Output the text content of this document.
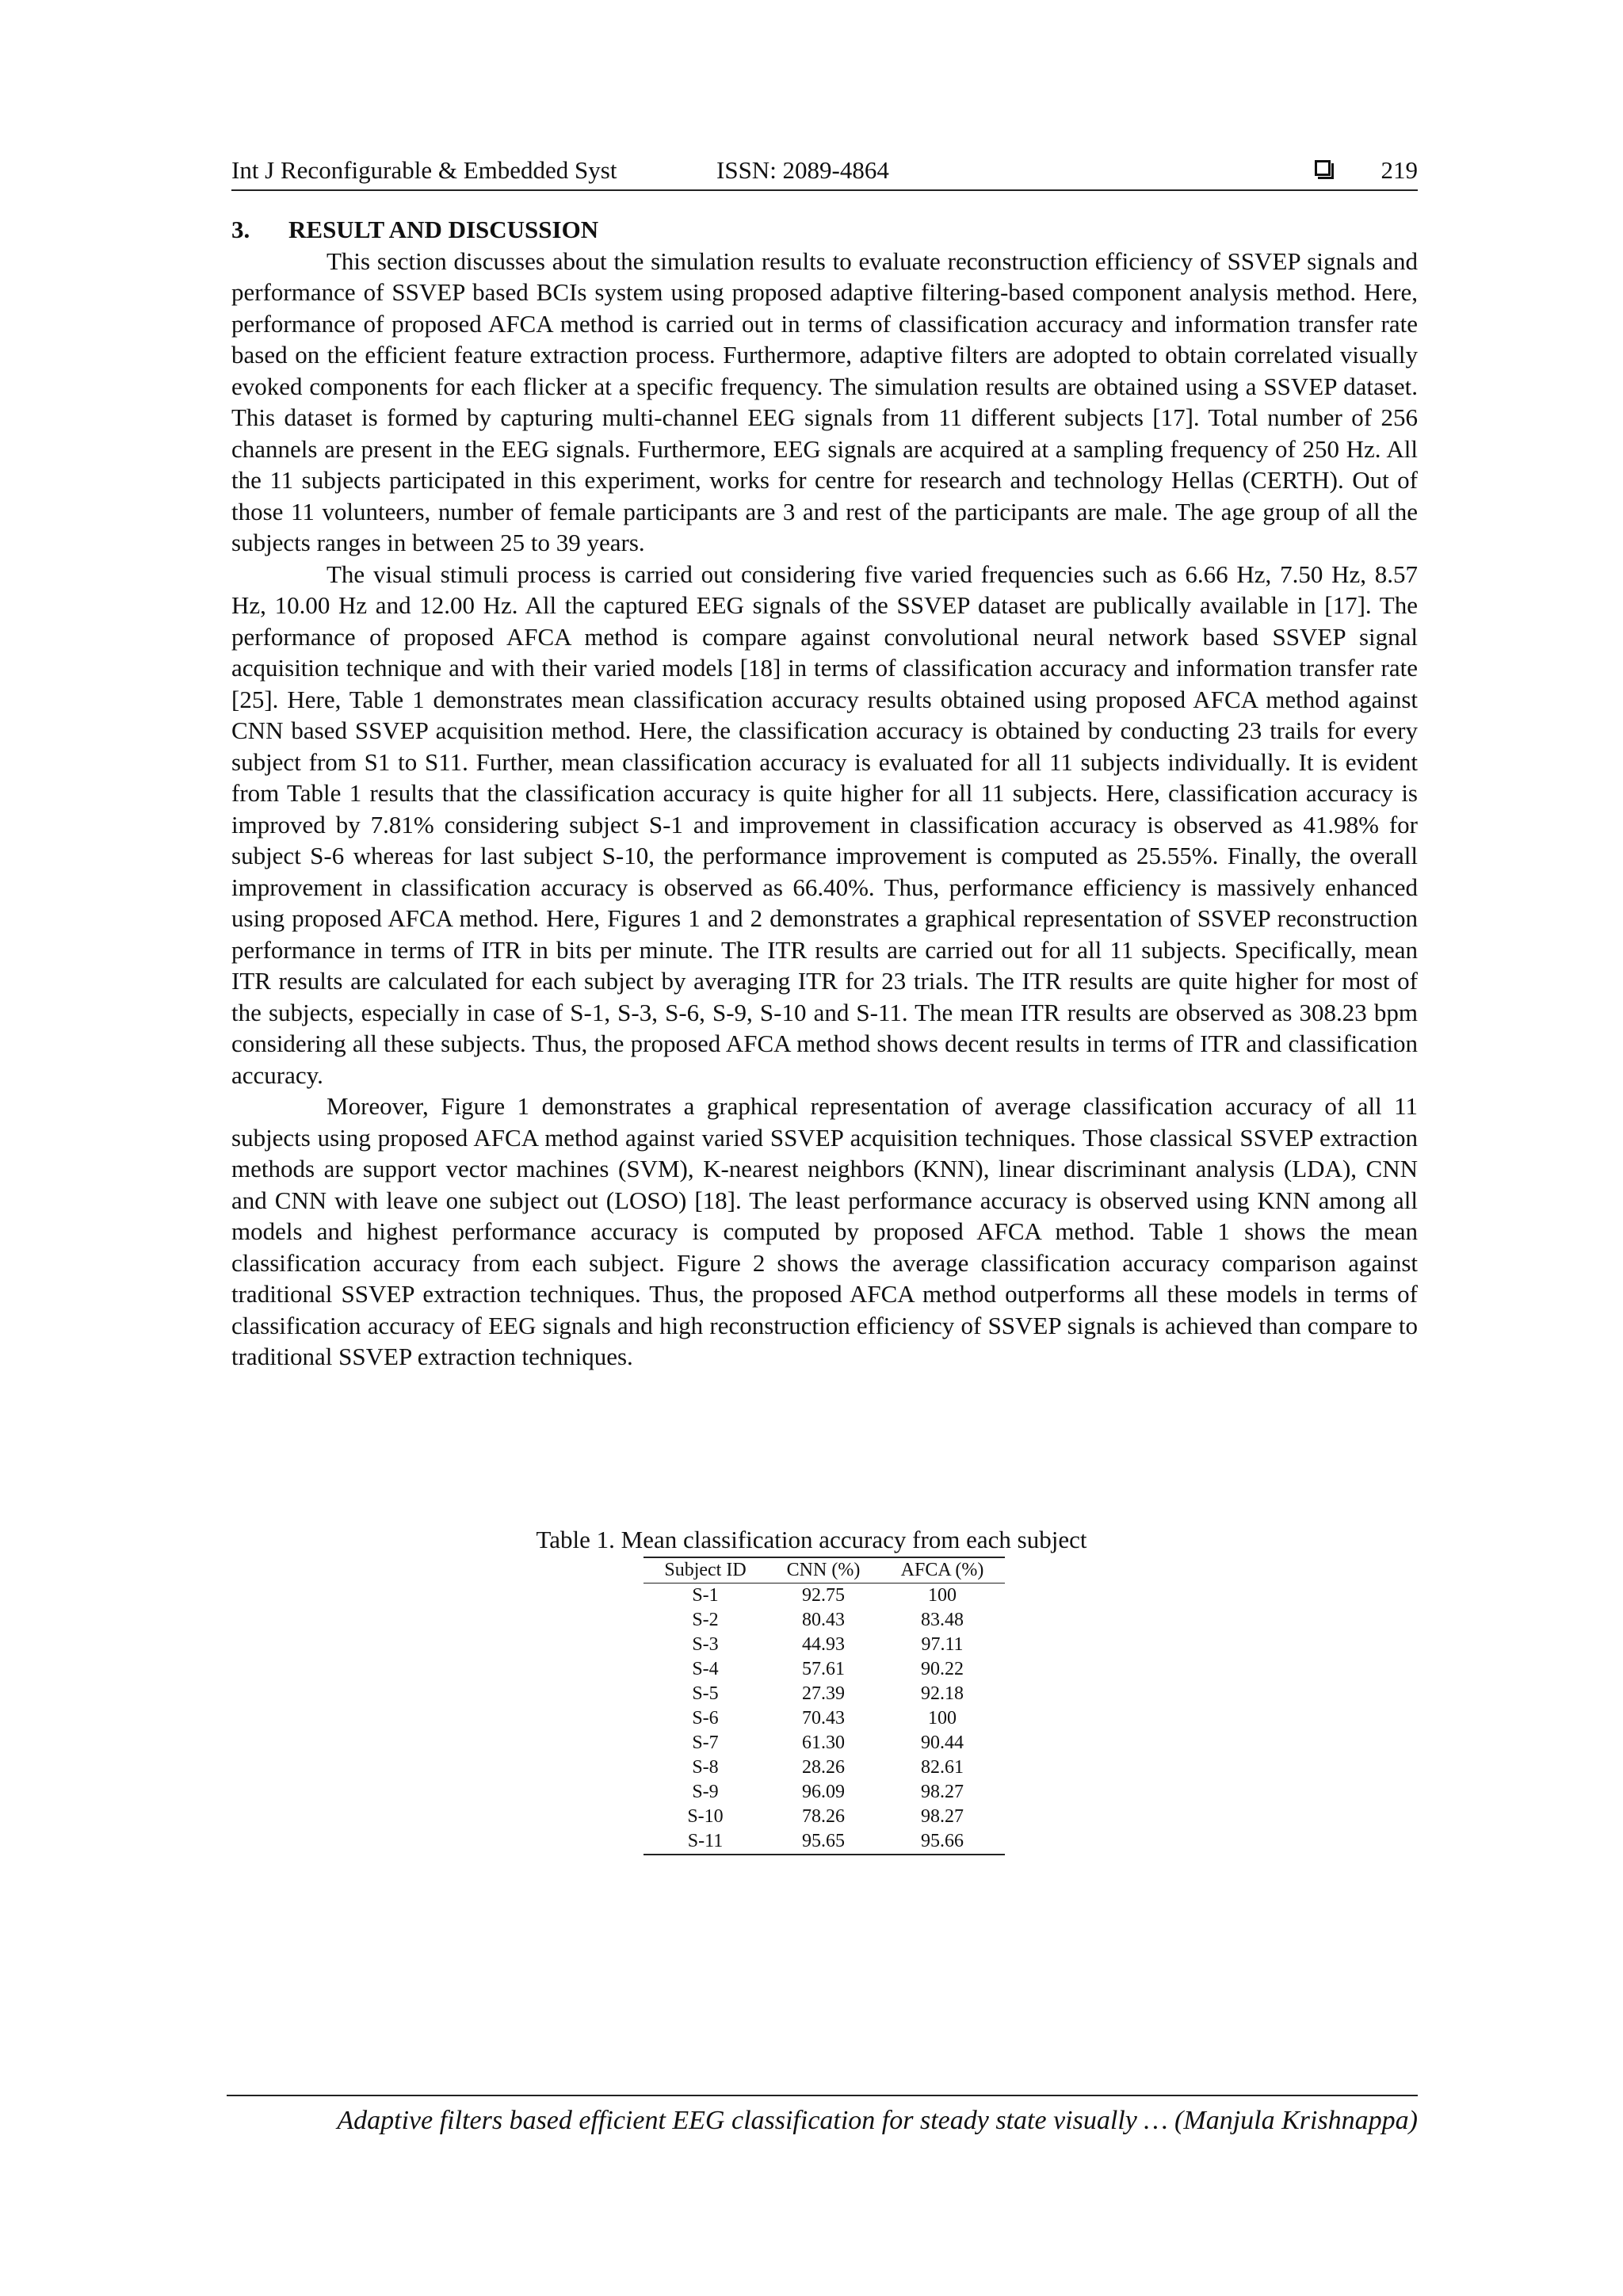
Int J Reconfigurable & Embedded Syst	ISSN: 2089-4864	219

3. RESULT AND DISCUSSION

This section discusses about the simulation results to evaluate reconstruction efficiency of SSVEP signals and performance of SSVEP based BCIs system using proposed adaptive filtering-based component analysis method. Here, performance of proposed AFCA method is carried out in terms of classification accuracy and information transfer rate based on the efficient feature extraction process. Furthermore, adaptive filters are adopted to obtain correlated visually evoked components for each flicker at a specific frequency. The simulation results are obtained using a SSVEP dataset. This dataset is formed by capturing multi-channel EEG signals from 11 different subjects [17]. Total number of 256 channels are present in the EEG signals. Furthermore, EEG signals are acquired at a sampling frequency of 250 Hz. All the 11 subjects participated in this experiment, works for centre for research and technology Hellas (CERTH). Out of those 11 volunteers, number of female participants are 3 and rest of the participants are male. The age group of all the subjects ranges in between 25 to 39 years.

The visual stimuli process is carried out considering five varied frequencies such as 6.66 Hz, 7.50 Hz, 8.57 Hz, 10.00 Hz and 12.00 Hz. All the captured EEG signals of the SSVEP dataset are publically available in [17]. The performance of proposed AFCA method is compare against convolutional neural network based SSVEP signal acquisition technique and with their varied models [18] in terms of classification accuracy and information transfer rate [25]. Here, Table 1 demonstrates mean classification accuracy results obtained using proposed AFCA method against CNN based SSVEP acquisition method. Here, the classification accuracy is obtained by conducting 23 trails for every subject from S1 to S11. Further, mean classification accuracy is evaluated for all 11 subjects individually. It is evident from Table 1 results that the classification accuracy is quite higher for all 11 subjects. Here, classification accuracy is improved by 7.81% considering subject S-1 and improvement in classification accuracy is observed as 41.98% for subject S-6 whereas for last subject S-10, the performance improvement is computed as 25.55%. Finally, the overall improvement in classification accuracy is observed as 66.40%. Thus, performance efficiency is massively enhanced using proposed AFCA method. Here, Figures 1 and 2 demonstrates a graphical representation of SSVEP reconstruction performance in terms of ITR in bits per minute. The ITR results are carried out for all 11 subjects. Specifically, mean ITR results are calculated for each subject by averaging ITR for 23 trials. The ITR results are quite higher for most of the subjects, especially in case of S-1, S-3, S-6, S-9, S-10 and S-11. The mean ITR results are observed as 308.23 bpm considering all these subjects. Thus, the proposed AFCA method shows decent results in terms of ITR and classification accuracy.

Moreover, Figure 1 demonstrates a graphical representation of average classification accuracy of all 11 subjects using proposed AFCA method against varied SSVEP acquisition techniques. Those classical SSVEP extraction methods are support vector machines (SVM), K-nearest neighbors (KNN), linear discriminant analysis (LDA), CNN and CNN with leave one subject out (LOSO) [18]. The least performance accuracy is observed using KNN among all models and highest performance accuracy is computed by proposed AFCA method. Table 1 shows the mean classification accuracy from each subject. Figure 2 shows the average classification accuracy comparison against traditional SSVEP extraction techniques. Thus, the proposed AFCA method outperforms all these models in terms of classification accuracy of EEG signals and high reconstruction efficiency of SSVEP signals is achieved than compare to traditional SSVEP extraction techniques.

Table 1. Mean classification accuracy from each subject

Subject ID	CNN (%)	AFCA (%)
S-1	92.75	100
S-2	80.43	83.48
S-3	44.93	97.11
S-4	57.61	90.22
S-5	27.39	92.18
S-6	70.43	100
S-7	61.30	90.44
S-8	28.26	82.61
S-9	96.09	98.27
S-10	78.26	98.27
S-11	95.65	95.66
Adaptive filters based efficient EEG classification for steady state visually … (Manjula Krishnappa)
